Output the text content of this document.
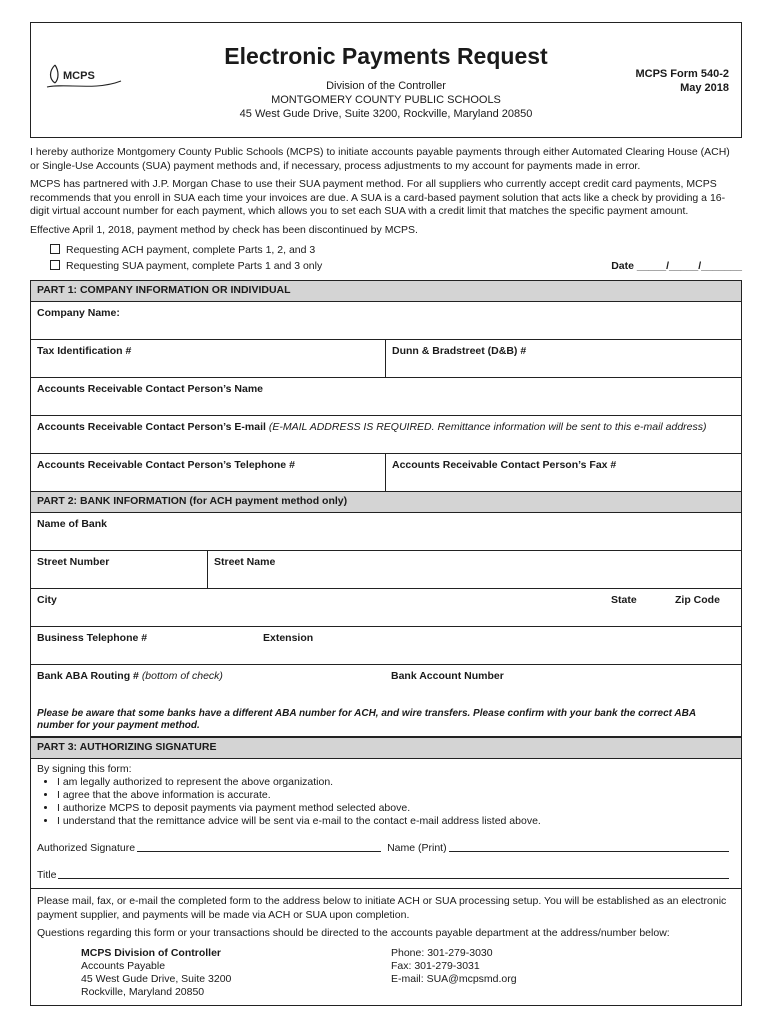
MCPS
Electronic Payments Request
Division of the Controller
MONTGOMERY COUNTY PUBLIC SCHOOLS
45 West Gude Drive, Suite 3200, Rockville, Maryland 20850
MCPS Form 540-2
May 2018

I hereby authorize Montgomery County Public Schools (MCPS) to initiate accounts payable payments through either Automated Clearing House (ACH) or Single-Use Accounts (SUA) payment methods and, if necessary, process adjustments to my account for payments made in error.

MCPS has partnered with J.P. Morgan Chase to use their SUA payment method. For all suppliers who currently accept credit card payments, MCPS recommends that you enroll in SUA each time your invoices are due. A SUA is a card-based payment solution that acts like a check by providing a 16-digit virtual account number for each payment, which allows you to set each SUA with a credit limit that matches the specific payment amount.

Effective April 1, 2018, payment method by check has been discontinued by MCPS.

Requesting ACH payment, complete Parts 1, 2, and 3
Requesting SUA payment, complete Parts 1 and 3 only	Date _____/_____/_______
PART 1: COMPANY INFORMATION OR INDIVIDUAL
Company Name:
Tax Identification #	Dunn & Bradstreet (D&B) #
Accounts Receivable Contact Person’s Name
Accounts Receivable Contact Person’s E-mail (E-MAIL ADDRESS IS REQUIRED. Remittance information will be sent to this e-mail address)
Accounts Receivable Contact Person’s Telephone #	Accounts Receivable Contact Person’s Fax #
PART 2: BANK INFORMATION (for ACH payment method only)
Name of Bank
Street Number	Street Name
City	State	Zip Code
Business Telephone #	Extension
Bank ABA Routing # (bottom of check)	Bank Account Number
Please be aware that some banks have a different ABA number for ACH, and wire transfers. Please confirm with your bank the correct ABA number for your payment method.
PART 3: AUTHORIZING SIGNATURE
By signing this form:
• I am legally authorized to represent the above organization.
• I agree that the above information is accurate.
• I authorize MCPS to deposit payments via payment method selected above.
• I understand that the remittance advice will be sent via e-mail to the contact e-mail address listed above.
Authorized Signature	Name (Print)
Title

Please mail, fax, or e-mail the completed form to the address below to initiate ACH or SUA processing setup. You will be established as an electronic payment supplier, and payments will be made via ACH or SUA upon completion.

Questions regarding this form or your transactions should be directed to the accounts payable department at the address/number below:

MCPS Division of Controller
Accounts Payable
45 West Gude Drive, Suite 3200
Rockville, Maryland 20850
Phone: 301-279-3030
Fax: 301-279-3031
E-mail: SUA@mcpsmd.org
